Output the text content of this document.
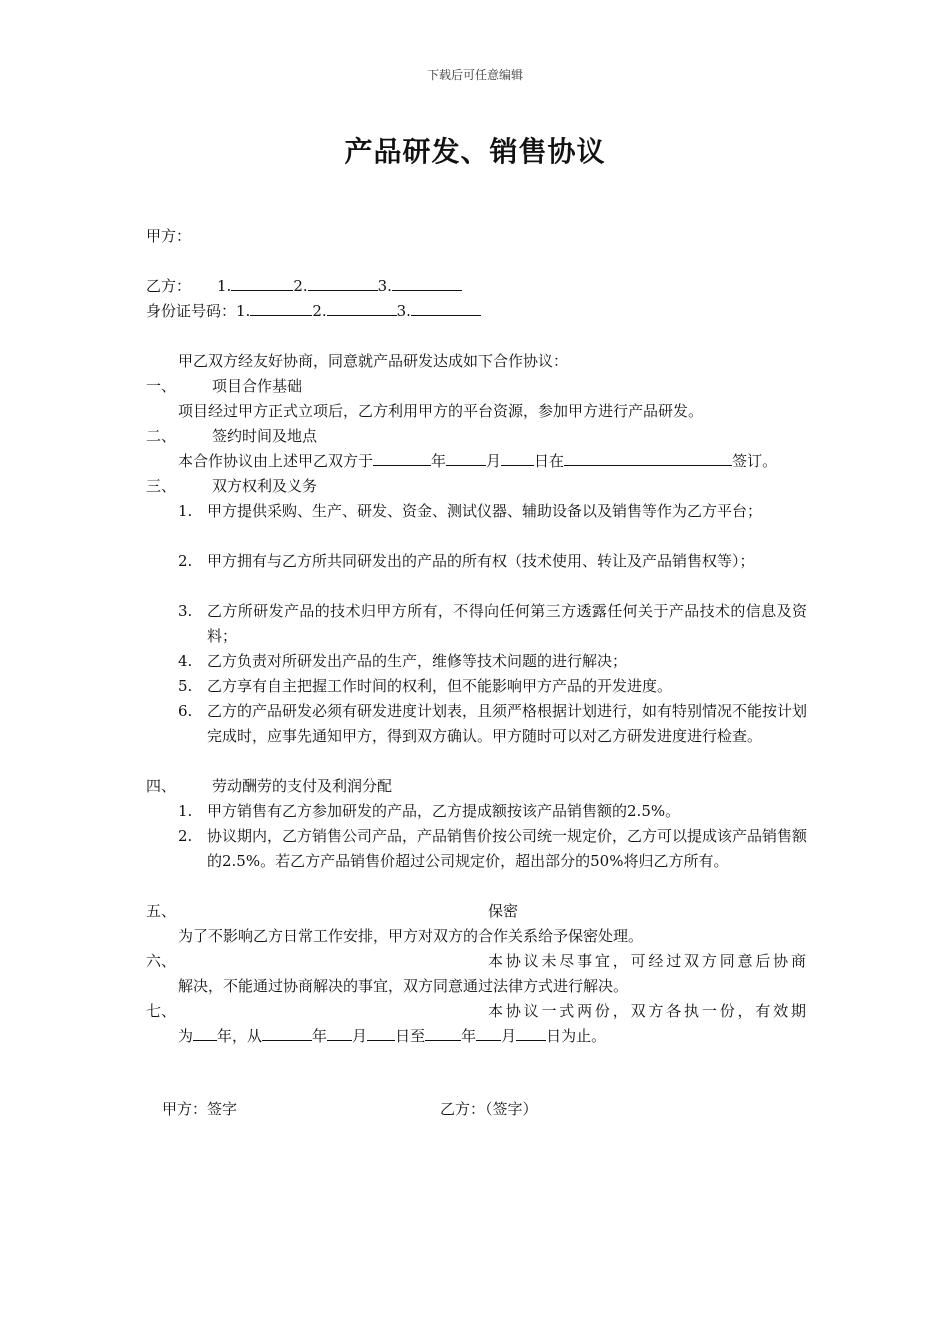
下载后可任意编辑
产品研发、销售协议
甲方：
乙方： 1.	2.	3.
身份证号码：1.	2.	3.
甲乙双方经友好协商，同意就产品研发达成如下合作协议：
一、 项目合作基础
项目经过甲方正式立项后，乙方利用甲方的平台资源，参加甲方进行产品研发。
二、 签约时间及地点
本合作协议由上述甲乙双方于	年	月 日在	签订。
三、 双方权利及义务
1. 甲方提供采购、生产、研发、资金、测试仪器、辅助设备以及销售等作为乙方平台；
2. 甲方拥有与乙方所共同研发出的产品的所有权（技术使用、转让及产品销售权等）；
3. 乙方所研发产品的技术归甲方所有，不得向任何第三方透露任何关于产品技术的信息及资料；
4. 乙方负责对所研发出产品的生产，维修等技术问题的进行解决；
5. 乙方享有自主把握工作时间的权利，但不能影响甲方产品的开发进度。
6. 乙方的产品研发必须有研发进度计划表，且须严格根据计划进行，如有特别情况不能按计划完成时，应事先通知甲方，得到双方确认。甲方随时可以对乙方研发进度进行检查。
四、 劳动酬劳的支付及利润分配
1. 甲方销售有乙方参加研发的产品，乙方提成额按该产品销售额的2.5%。
2. 协议期内，乙方销售公司产品，产品销售价按公司统一规定价，乙方可以提成该产品销售额的2.5%。若乙方产品销售价超过公司规定价，超出部分的50%将归乙方所有。
五、	保密
为了不影响乙方日常工作安排，甲方对双方的合作关系给予保密处理。
六、	本协议未尽事宜，可经过双方同意后协商
解决，不能通过协商解决的事宜，双方同意通过法律方式进行解决。
七、	本协议一式两份，双方各执一份，有效期
为 年，从	年 月 日至 年 月 日为止。
甲方：签字	乙方：（签字）
